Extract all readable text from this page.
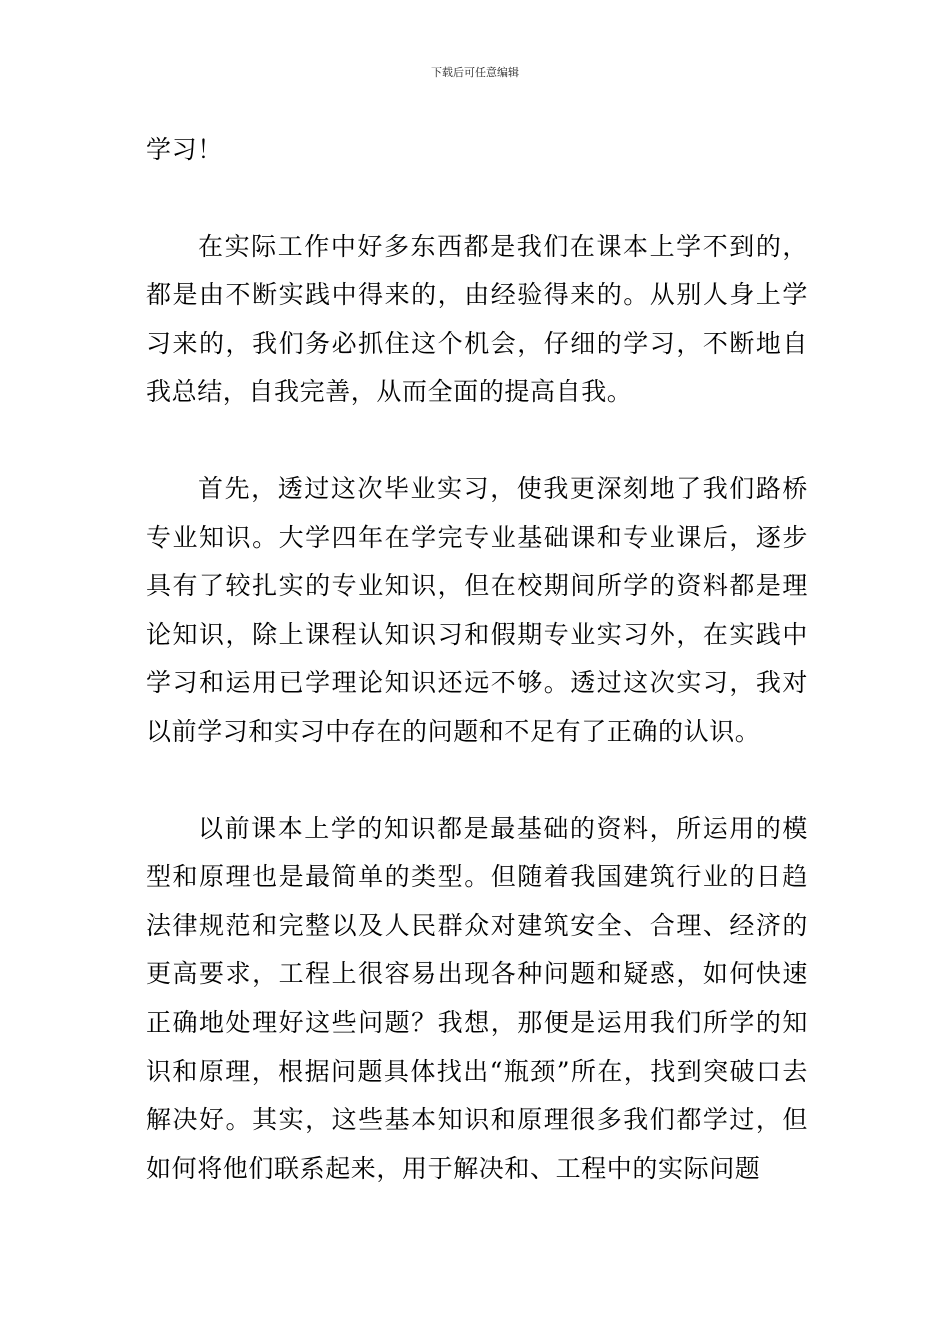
下载后可任意编辑

学习！

在实际工作中好多东西都是我们在课本上学不到的，都是由不断实践中得来的，由经验得来的。从别人身上学习来的，我们务必抓住这个机会，仔细的学习，不断地自我总结，自我完善，从而全面的提高自我。

首先，透过这次毕业实习，使我更深刻地了我们路桥专业知识。大学四年在学完专业基础课和专业课后，逐步具有了较扎实的专业知识，但在校期间所学的资料都是理论知识，除上课程认知识习和假期专业实习外，在实践中学习和运用已学理论知识还远不够。透过这次实习，我对以前学习和实习中存在的问题和不足有了正确的认识。

以前课本上学的知识都是最基础的资料，所运用的模型和原理也是最简单的类型。但随着我国建筑行业的日趋法律规范和完整以及人民群众对建筑安全、合理、经济的更高要求，工程上很容易出现各种问题和疑惑，如何快速正确地处理好这些问题？我想，那便是运用我们所学的知识和原理，根据问题具体找出“瓶颈”所在，找到突破口去解决好。其实，这些基本知识和原理很多我们都学过，但如何将他们联系起来，用于解决和、工程中的实际问题
